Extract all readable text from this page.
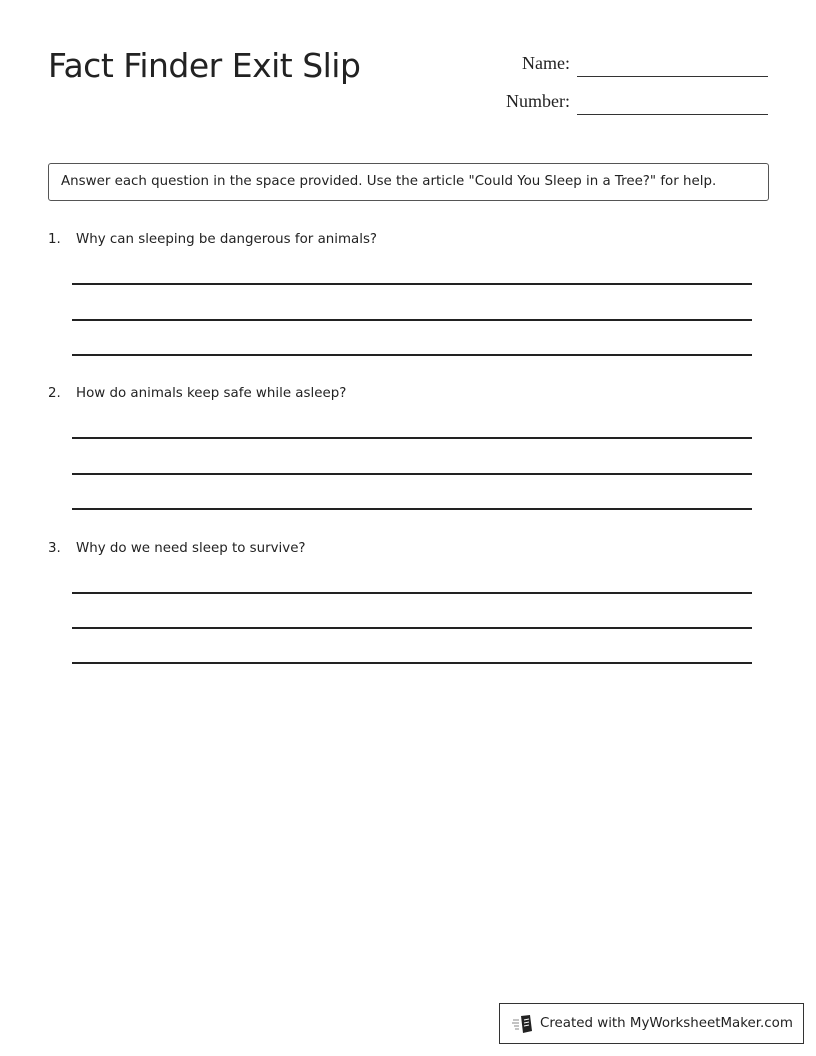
Fact Finder Exit Slip	Name:
Number:
Answer each question in the space provided. Use the article "Could You Sleep in a Tree?" for help.
1. Why can sleeping be dangerous for animals?
2. How do animals keep safe while asleep?
3. Why do we need sleep to survive?
Created with MyWorksheetMaker.com
